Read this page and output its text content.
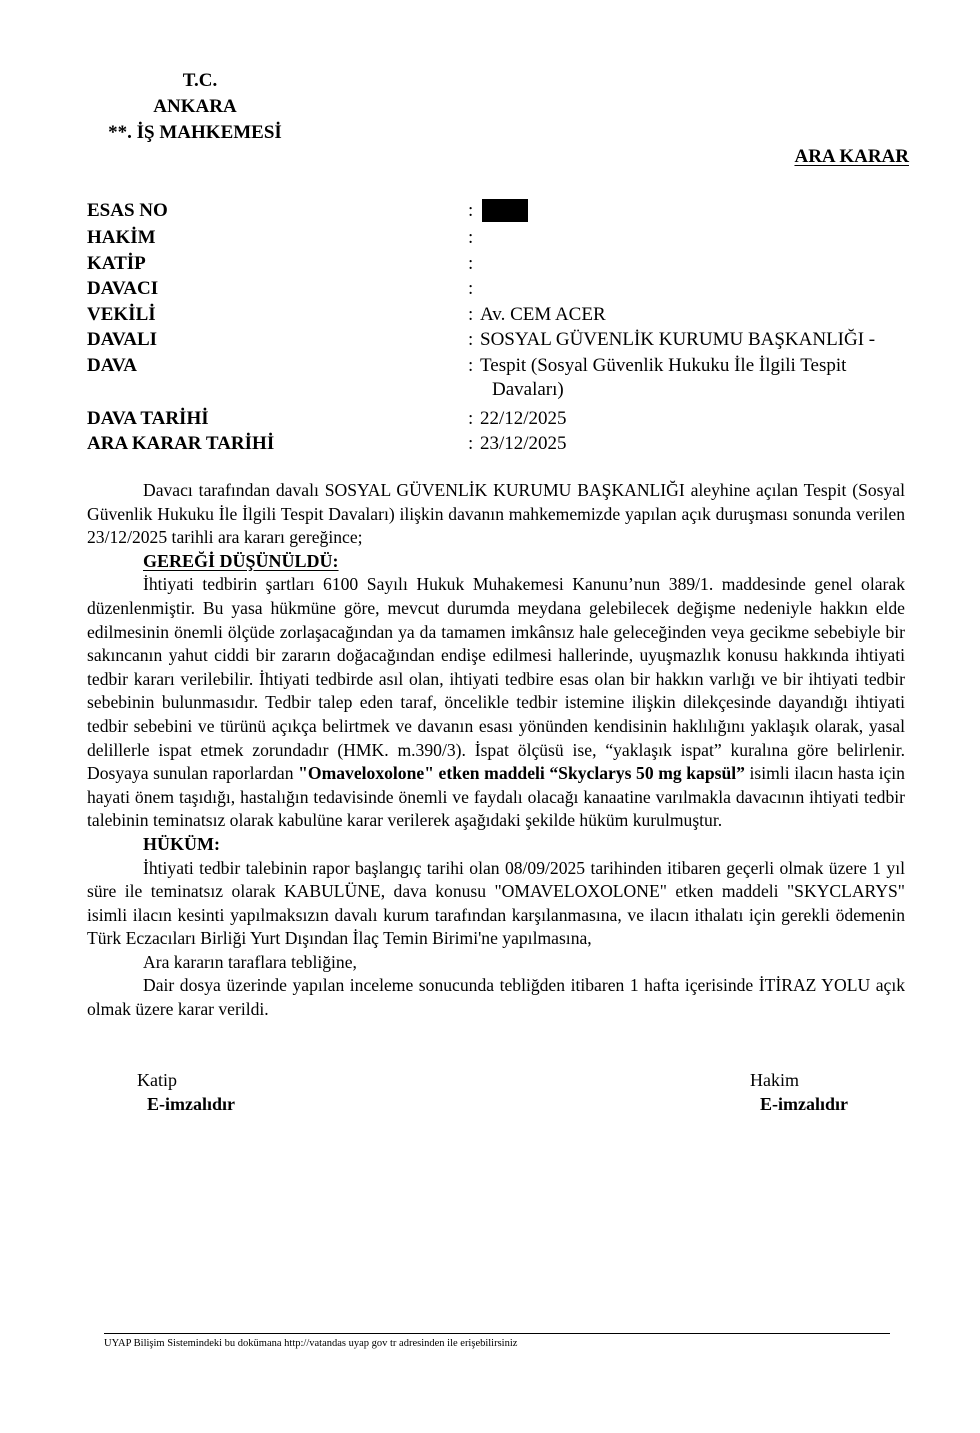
T.C.
ANKARA
**. İŞ MAHKEMESİ
ARA KARAR
ESAS NO	:
HAKİM	:
KATİP	:
DAVACI	:
VEKİLİ	: Av. CEM ACER
DAVALI	: SOSYAL GÜVENLİK KURUMU BAŞKANLIĞI -
DAVA	: Tespit (Sosyal Güvenlik Hukuku İle İlgili Tespit
Davaları)
DAVA TARİHİ	: 22/12/2025
ARA KARAR TARİHİ	: 23/12/2025

Davacı tarafından davalı SOSYAL GÜVENLİK KURUMU BAŞKANLIĞI aleyhine açılan Tespit (Sosyal Güvenlik Hukuku İle İlgili Tespit Davaları) ilişkin davanın mahkememizde yapılan açık duruşması sonunda verilen 23/12/2025 tarihli ara kararı gereğince;

GEREĞİ DÜŞÜNÜLDÜ:

İhtiyati tedbirin şartları 6100 Sayılı Hukuk Muhakemesi Kanunu’nun 389/1. maddesinde genel olarak düzenlenmiştir. Bu yasa hükmüne göre, mevcut durumda meydana gelebilecek değişme nedeniyle hakkın elde edilmesinin önemli ölçüde zorlaşacağından ya da tamamen imkânsız hale geleceğinden veya gecikme sebebiyle bir sakıncanın yahut ciddi bir zararın doğacağından endişe edilmesi hallerinde, uyuşmazlık konusu hakkında ihtiyati tedbir kararı verilebilir. İhtiyati tedbirde asıl olan, ihtiyati tedbire esas olan bir hakkın varlığı ve bir ihtiyati tedbir sebebinin bulunmasıdır. Tedbir talep eden taraf, öncelikle tedbir istemine ilişkin dilekçesinde dayandığı ihtiyati tedbir sebebini ve türünü açıkça belirtmek ve davanın esası yönünden kendisinin haklılığını yaklaşık olarak, yasal delillerle ispat etmek zorundadır (HMK. m.390/3). İspat ölçüsü ise, “yaklaşık ispat” kuralına göre belirlenir. Dosyaya sunulan raporlardan "Omaveloxolone" etken maddeli “Skyclarys 50 mg kapsül” isimli ilacın hasta için hayati önem taşıdığı, hastalığın tedavisinde önemli ve faydalı olacağı kanaatine varılmakla davacının ihtiyati tedbir talebinin teminatsız olarak kabulüne karar verilerek aşağıdaki şekilde hüküm kurulmuştur.

HÜKÜM:

İhtiyati tedbir talebinin rapor başlangıç tarihi olan 08/09/2025 tarihinden itibaren geçerli olmak üzere 1 yıl süre ile teminatsız olarak KABULÜNE, dava konusu "OMAVELOXOLONE" etken maddeli "SKYCLARYS" isimli ilacın kesinti yapılmaksızın davalı kurum tarafından karşılanmasına, ve ilacın ithalatı için gerekli ödemenin Türk Eczacıları Birliği Yurt Dışından İlaç Temin Birimi'ne yapılmasına,

Ara kararın taraflara tebliğine,

Dair dosya üzerinde yapılan inceleme sonucunda tebliğden itibaren 1 hafta içerisinde İTİRAZ YOLU açık olmak üzere karar verildi.

Katip
E-imzalıdır
Hakim
E-imzalıdır
UYAP Bilişim Sistemindeki bu dokümana http://vatandas uyap gov tr adresinden ile erişebilirsiniz
